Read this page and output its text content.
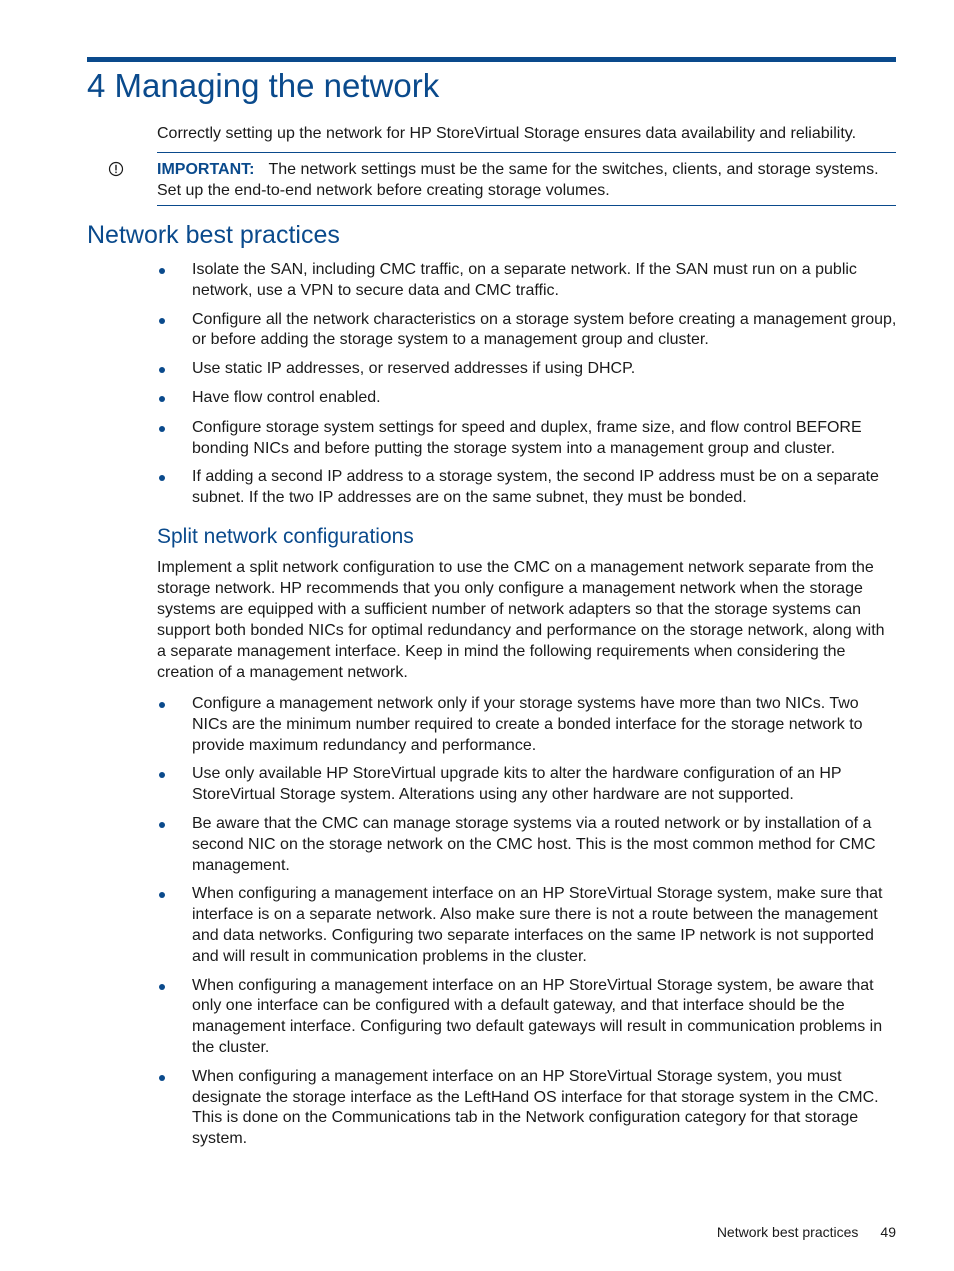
4 Managing the network

Correctly setting up the network for HP StoreVirtual Storage ensures data availability and reliability.

IMPORTANT: The network settings must be the same for the switches, clients, and storage systems. Set up the end-to-end network before creating storage volumes.

Network best practices
Isolate the SAN, including CMC traffic, on a separate network. If the SAN must run on a public network, use a VPN to secure data and CMC traffic.
Configure all the network characteristics on a storage system before creating a management group, or before adding the storage system to a management group and cluster.
Use static IP addresses, or reserved addresses if using DHCP.
Have flow control enabled.
Configure storage system settings for speed and duplex, frame size, and flow control BEFORE bonding NICs and before putting the storage system into a management group and cluster.
If adding a second IP address to a storage system, the second IP address must be on a separate subnet. If the two IP addresses are on the same subnet, they must be bonded.
Split network configurations

Implement a split network configuration to use the CMC on a management network separate from the storage network. HP recommends that you only configure a management network when the storage systems are equipped with a sufficient number of network adapters so that the storage systems can support both bonded NICs for optimal redundancy and performance on the storage network, along with a separate management interface. Keep in mind the following requirements when considering the creation of a management network.

Configure a management network only if your storage systems have more than two NICs. Two NICs are the minimum number required to create a bonded interface for the storage network to provide maximum redundancy and performance.
Use only available HP StoreVirtual upgrade kits to alter the hardware configuration of an HP StoreVirtual Storage system. Alterations using any other hardware are not supported.
Be aware that the CMC can manage storage systems via a routed network or by installation of a second NIC on the storage network on the CMC host. This is the most common method for CMC management.
When configuring a management interface on an HP StoreVirtual Storage system, make sure that interface is on a separate network. Also make sure there is not a route between the management and data networks. Configuring two separate interfaces on the same IP network is not supported and will result in communication problems in the cluster.
When configuring a management interface on an HP StoreVirtual Storage system, be aware that only one interface can be configured with a default gateway, and that interface should be the management interface. Configuring two default gateways will result in communication problems in the cluster.
When configuring a management interface on an HP StoreVirtual Storage system, you must designate the storage interface as the LeftHand OS interface for that storage system in the CMC. This is done on the Communications tab in the Network configuration category for that storage system.

Network best practices 49
